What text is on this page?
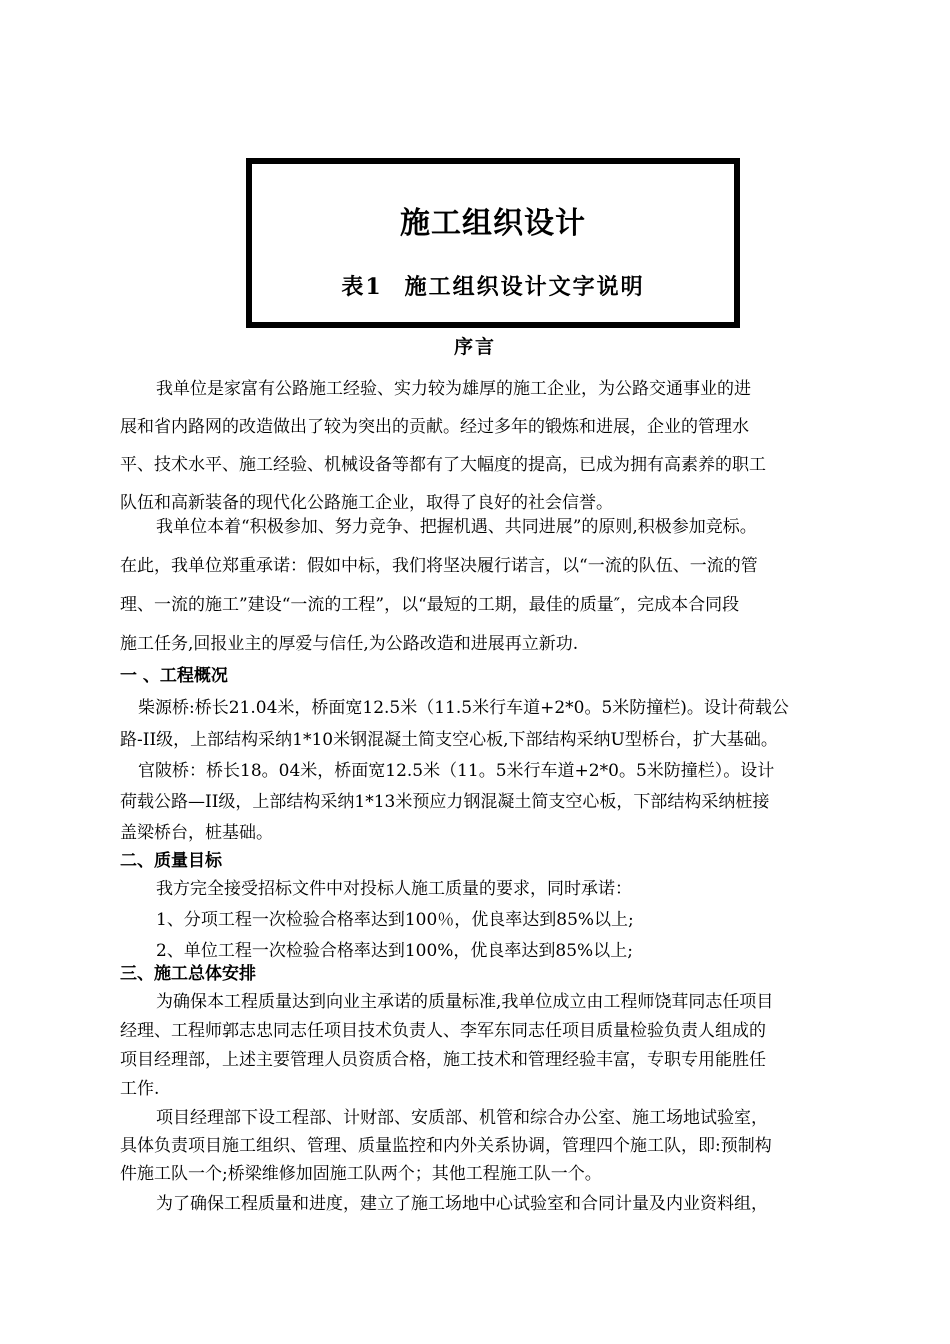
施工组织设计
表1 施工组织设计文字说明
序言

我单位是家富有公路施工经验、实力较为雄厚的施工企业，为公路交通事业的进

展和省内路网的改造做出了较为突出的贡献。经过多年的锻炼和进展，企业的管理水

平、技术水平、施工经验、机械设备等都有了大幅度的提高，已成为拥有高素养的职工

队伍和高新装备的现代化公路施工企业，取得了良好的社会信誉。

我单位本着“积极参加、努力竞争、把握机遇、共同进展”的原则,积极参加竞标。

在此，我单位郑重承诺：假如中标，我们将坚决履行诺言，以“一流的队伍、一流的管

理、一流的施工”建设“一流的工程”，以“最短的工期，最佳的质量″，完成本合同段

施工任务,回报业主的厚爱与信任,为公路改造和进展再立新功.

一 、工程概况

柴源桥:桥长21.04米，桥面宽12.5米（11.5米行车道+2*0。5米防撞栏)。设计荷载公

路-II级，上部结构采纳1*10米钢混凝土简支空心板,下部结构采纳U型桥台，扩大基础。

官陂桥：桥长18。04米，桥面宽12.5米（11。5米行车道+2*0。5米防撞栏）。设计

荷载公路—II级，上部结构采纳1*13米预应力钢混凝土简支空心板，下部结构采纳桩接

盖梁桥台，桩基础。

二、质量目标

我方完全接受招标文件中对投标人施工质量的要求，同时承诺：

1、分项工程一次检验合格率达到100％，优良率达到85%以上;

2、单位工程一次检验合格率达到100%，优良率达到85%以上;

三、施工总体安排

为确保本工程质量达到向业主承诺的质量标准,我单位成立由工程师饶茸同志任项目

经理、工程师郭志忠同志任项目技术负责人、李军东同志任项目质量检验负责人组成的

项目经理部，上述主要管理人员资质合格，施工技术和管理经验丰富，专职专用能胜任

工作.

项目经理部下设工程部、计财部、安质部、机管和综合办公室、施工场地试验室，

具体负责项目施工组织、管理、质量监控和内外关系协调，管理四个施工队，即:预制构

件施工队一个;桥梁维修加固施工队两个；其他工程施工队一个。

为了确保工程质量和进度，建立了施工场地中心试验室和合同计量及内业资料组，
